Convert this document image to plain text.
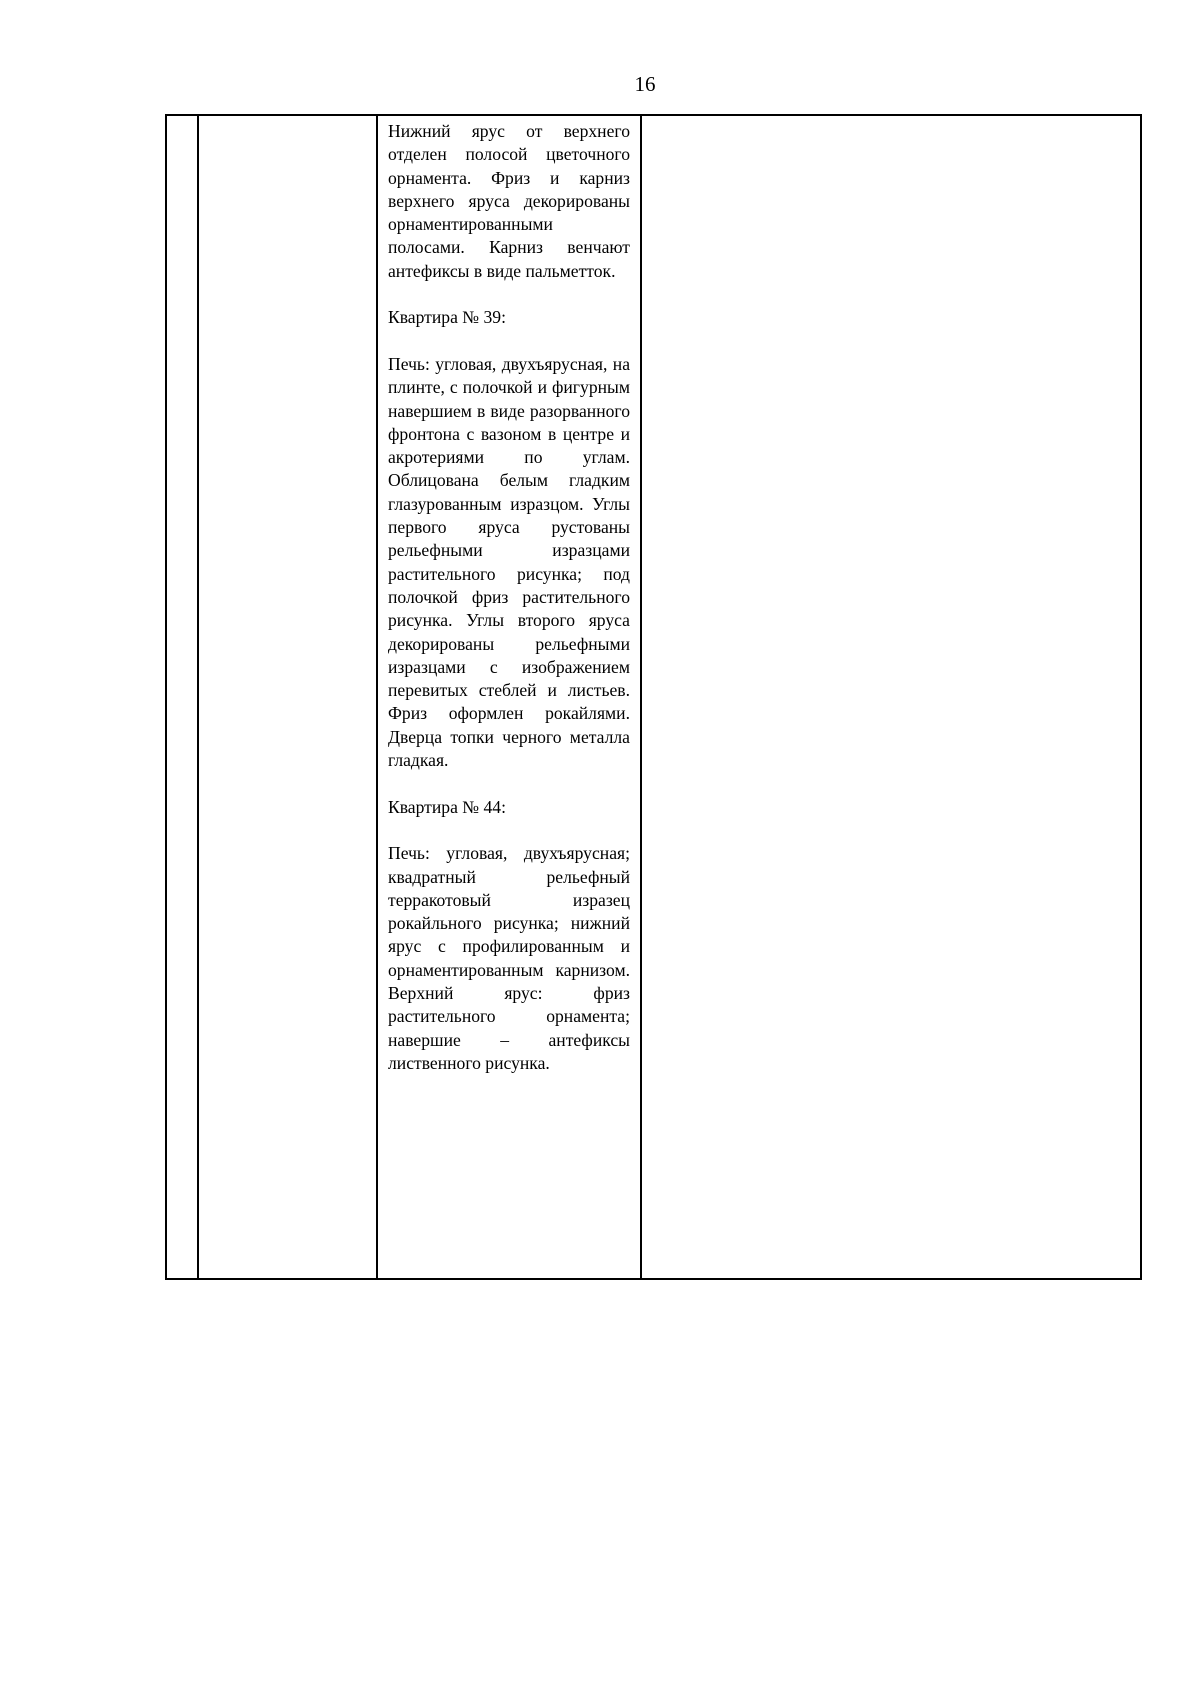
16

Нижний ярус от верхнего отделен полосой цветочного орнамента. Фриз и карниз верхнего яруса декорированы орнаментированными полосами. Карниз венчают антефиксы в виде пальметток.

Квартира № 39:

Печь: угловая, двухъярусная, на плинте, с полочкой и фигурным навершием в виде разорванного фронтона с вазоном в центре и акротериями по углам. Облицована белым гладким глазурованным изразцом. Углы первого яруса рустованы рельефными изразцами растительного рисунка; под полочкой фриз растительного рисунка. Углы второго яруса декорированы рельефными изразцами с изображением перевитых стеблей и листьев. Фриз оформлен рокайлями. Дверца топки черного металла гладкая.

Квартира № 44:

Печь: угловая, двухъярусная; квадратный рельефный терракотовый изразец рокайльного рисунка; нижний ярус с профилированным и орнаментированным карнизом. Верхний ярус: фриз растительного орнамента; навершие – антефиксы лиственного рисунка.
